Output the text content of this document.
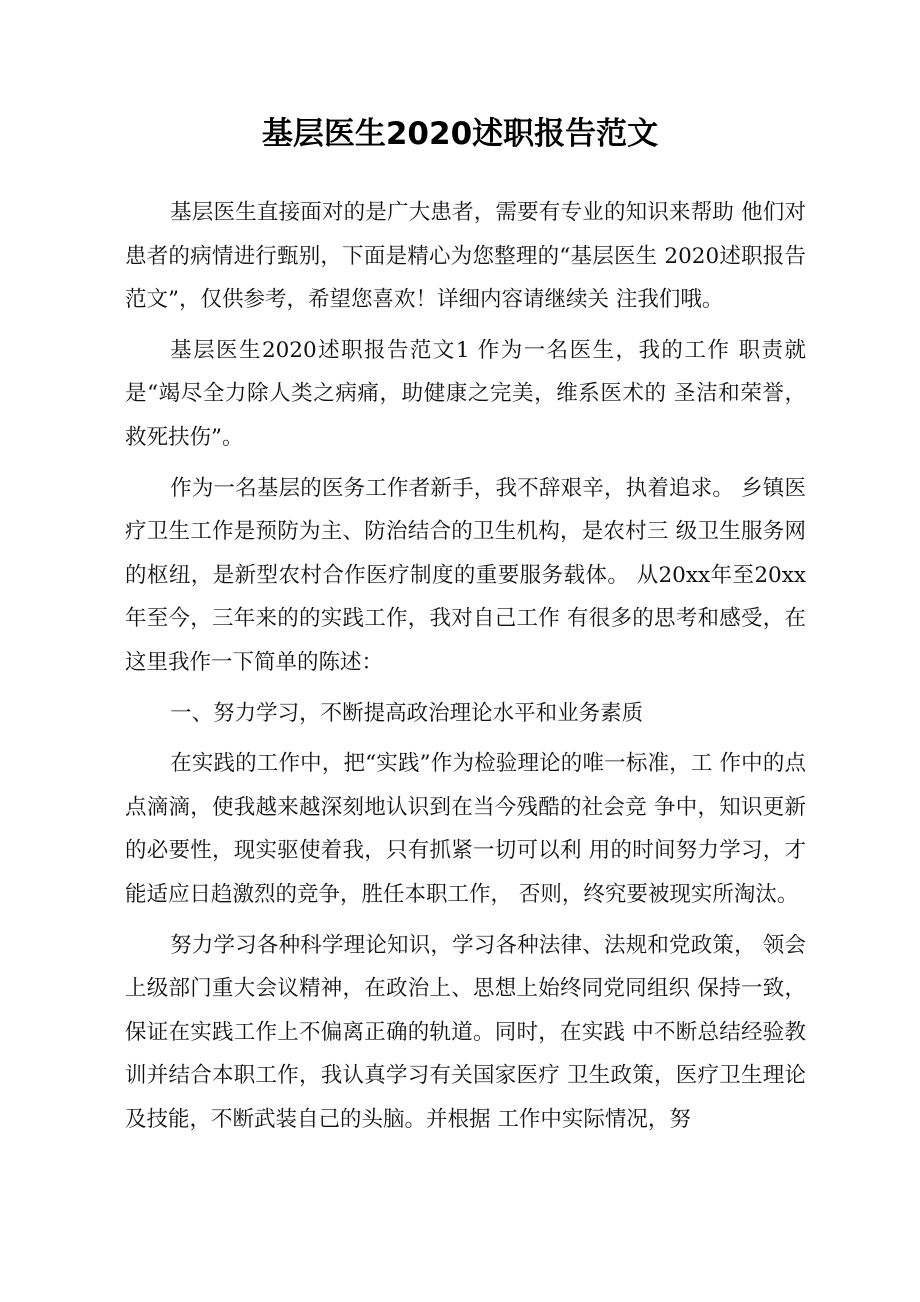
基层医生2020述职报告范文

基层医生直接面对的是广大患者，需要有专业的知识来帮助 他们对患者的病情进行甄别，下面是精心为您整理的“基层医生 2020述职报告范文”，仅供参考，希望您喜欢！详细内容请继续关 注我们哦。

基层医生2020述职报告范文1 作为一名医生，我的工作 职责就是“竭尽全力除人类之病痛，助健康之完美，维系医术的 圣洁和荣誉，救死扶伤”。

作为一名基层的医务工作者新手，我不辞艰辛，执着追求。 乡镇医疗卫生工作是预防为主、防治结合的卫生机构，是农村三 级卫生服务网的枢纽，是新型农村合作医疗制度的重要服务载体。 从20xx年至20xx年至今，三年来的的实践工作，我对自己工作 有很多的思考和感受，在这里我作一下简单的陈述：

一、努力学习，不断提高政治理论水平和业务素质

在实践的工作中，把“实践”作为检验理论的唯一标准，工 作中的点点滴滴，使我越来越深刻地认识到在当今残酷的社会竞 争中，知识更新的必要性，现实驱使着我，只有抓紧一切可以利 用的时间努力学习，才能适应日趋激烈的竞争，胜任本职工作， 否则，终究要被现实所淘汰。

努力学习各种科学理论知识，学习各种法律、法规和党政策， 领会上级部门重大会议精神，在政治上、思想上始终同党同组织 保持一致，保证在实践工作上不偏离正确的轨道。同时，在实践 中不断总结经验教训并结合本职工作，我认真学习有关国家医疗 卫生政策，医疗卫生理论及技能，不断武装自己的头脑。并根据 工作中实际情况，努
